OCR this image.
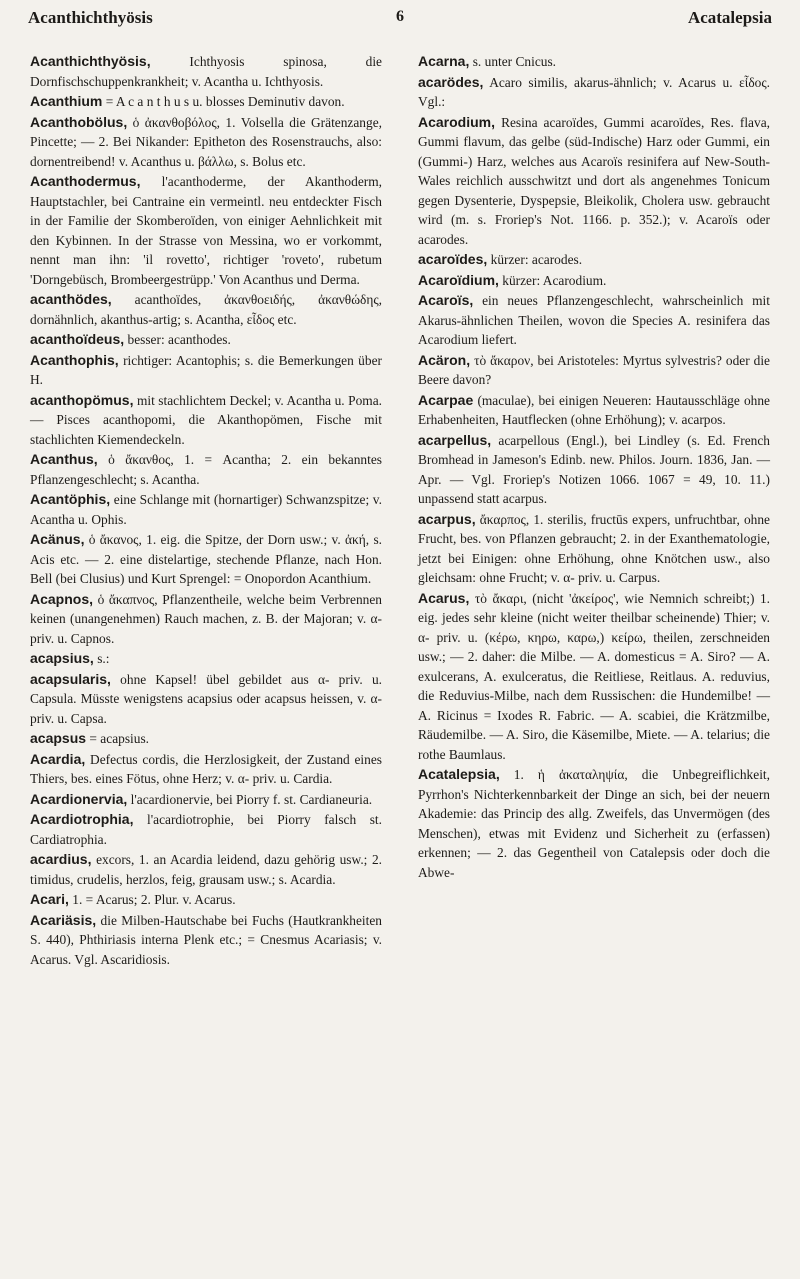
Acanthichthyösis	6	Acatalepsia

Acanthichthyösis,	Ichthyosis spinosa, die Dornfischschuppenkrankheit; v. Acantha u. Ichthyosis.

Acanthium = A c a n t h u s u. blosses Deminutiv davon.

Acanthobölus, ὁ ἀκανθοβόλος, 1. Volsella die Grätenzange, Pincette; — 2. Bei Nikander: Epitheton des Rosenstrauchs, also: dornentreibend! v. Acanthus u. βάλλω, s. Bolus etc.

Acanthodermus, l'acanthoderme, der Akanthoderm, Hauptstachler, bei Cantraine ein vermeintl. neu entdeckter Fisch in der Familie der Skomberoïden, von einiger Aehnlichkeit mit den Kybinnen. In der Strasse von Messina, wo er vorkommt, nennt man ihn: 'il rovetto', richtiger 'roveto', rubetum 'Dorngebüsch, Brombeergestrüpp.' Von Acanthus und Derma.

acanthödes, acanthoïdes, ἀκανθοειδής, ἀκανθώδης, dornähnlich, akanthus-artig; s. Acantha, εἶδος etc.

acanthoïdeus, besser: acanthodes.

Acanthophis, richtiger: Acantophis; s. die Bemerkungen über H.

acanthopömus, mit stachlichtem Deckel; v. Acantha u. Poma. — Pisces acanthopomi, die Akanthopömen, Fische mit stachlichten Kiemendeckeln.

Acanthus, ὁ ἄκανθος, 1. = Acantha; 2. ein bekanntes Pflanzengeschlecht; s. Acantha.

Acantöphis, eine Schlange mit (hornartiger) Schwanzspitze; v. Acantha u. Ophis.

Acänus, ὁ ἄκανος, 1. eig. die Spitze, der Dorn usw.; v. ἀκή, s. Acis etc. — 2. eine distelartige, stechende Pflanze, nach Hon. Bell (bei Clusius) und Kurt Sprengel: = Onopordon Acanthium.

Acapnos, ὁ ἄκαπνος, Pflanzentheile, welche beim Verbrennen keinen (unangenehmen) Rauch machen, z. B. der Majoran; v. α-priv. u. Capnos.

acapsius, s.:

acapsularis, ohne Kapsel! übel gebildet aus α- priv. u. Capsula. Müsste wenigstens acapsius oder acapsus heissen, v. α- priv. u. Capsa.

acapsus = acapsius.

Acardia, Defectus cordis, die Herzlosigkeit, der Zustand eines Thiers, bes. eines Fötus, ohne Herz; v. α- priv. u. Cardia.

Acardionervia, l'acardionervie, bei Piorry f. st. Cardianeuria.

Acardiotrophia, l'acardiotrophie, bei Piorry falsch st. Cardiatrophia.

acardius, excors, 1. an Acardia leidend, dazu gehörig usw.; 2. timidus, crudelis, herzlos, feig, grausam usw.; s. Acardia.

Acari, 1. = Acarus; 2. Plur. v. Acarus.

Acariäsis, die Milben-Hautschabe bei Fuchs (Hautkrankheiten S. 440), Phthiriasis interna Plenk etc.; = Cnesmus Acariasis; v. Acarus. Vgl. Ascaridiosis.

Acarna, s. unter Cnicus.

acarödes, Acaro similis, akarus-ähnlich; v. Acarus u. εἶδος. Vgl.:

Acarodium, Resina acaroïdes, Gummi acaroïdes, Res. flava, Gummi flavum, das gelbe (süd-Indische) Harz oder Gummi, ein (Gummi-) Harz, welches aus Acaroïs resinifera auf New-South-Wales reichlich ausschwitzt und dort als angenehmes Tonicum gegen Dysenterie, Dyspepsie, Bleikolik, Cholera usw. gebraucht wird (m. s. Froriep's Not. 1166. p. 352.); v. Acaroïs oder acarodes.

acaroïdes, kürzer: acarodes.

Acaroïdium, kürzer: Acarodium.

Acaroïs, ein neues Pflanzengeschlecht, wahrscheinlich mit Akarus-ähnlichen Theilen, wovon die Species A. resinifera das Acarodium liefert.

Acäron, τὸ ἄκαρον, bei Aristoteles: Myrtus sylvestris? oder die Beere davon?

Acarpae (maculae), bei einigen Neueren: Hautausschläge ohne Erhabenheiten, Hautflecken (ohne Erhöhung); v. acarpos.

acarpellus, acarpellous (Engl.), bei Lindley (s. Ed. French Bromhead in Jameson's Edinb. new. Philos. Journ. 1836, Jan. — Apr. — Vgl. Froriep's Notizen 1066. 1067 = 49, 10. 11.) unpassend statt acarpus.

acarpus, ἄκαρπος, 1. sterilis, fructūs expers, unfruchtbar, ohne Frucht, bes. von Pflanzen gebraucht; 2. in der Exanthematologie, jetzt bei Einigen: ohne Erhöhung, ohne Knötchen usw., also gleichsam: ohne Frucht; v. α- priv. u. Carpus.

Acarus, τὸ ἄκαρι, (nicht 'ἀκείρος', wie Nemnich schreibt;) 1. eig. jedes sehr kleine (nicht weiter theilbar scheinende) Thier; v. α- priv. u. (κέρω, κηρω, καρω,) κείρω, theilen, zerschneiden usw.; — 2. daher: die Milbe. — A. domesticus = A. Siro? — A. exulcerans, A. exulceratus, die Reitliese, Reitlaus. A. reduvius, die Reduvius-Milbe, nach dem Russischen: die Hundemilbe! — A. Ricinus = Ixodes R. Fabric. — A. scabiei, die Krätzmilbe, Räudemilbe. — A. Siro, die Käsemilbe, Miete. — A. telarius; die rothe Baumlaus.

Acatalepsia, 1. ἡ ἀκαταληψία, die Unbegreiflichkeit, Pyrrhon's Nichterkennbarkeit der Dinge an sich, bei der neuern Akademie: das Princip des allg. Zweifels, das Unvermögen (des Menschen), etwas mit Evidenz und Sicherheit zu (erfassen) erkennen; — 2. das Gegentheil von Catalepsis oder doch die Abwe-
